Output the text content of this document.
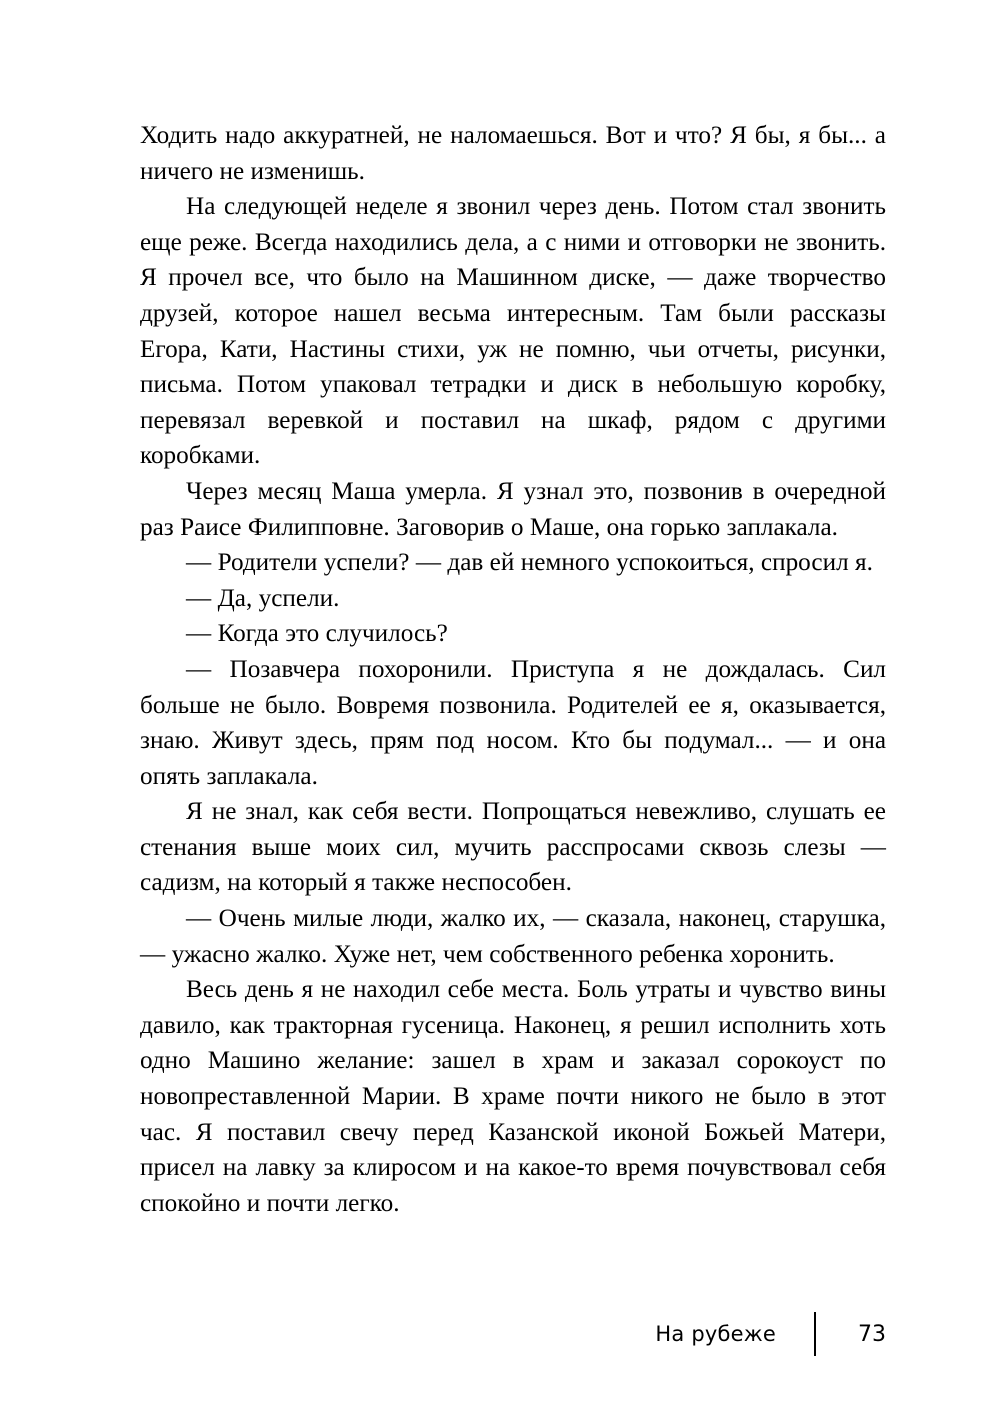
Ходить надо аккуратней, не наломаешься. Вот и что? Я бы, я бы... а ничего не изменишь.

На следующей неделе я звонил через день. Потом стал звонить еще реже. Всегда находились дела, а с ними и отговорки не звонить. Я прочел все, что было на Машинном диске, — даже творчество друзей, которое нашел весьма интересным. Там были рассказы Егора, Кати, Настины стихи, уж не помню, чьи отчеты, рисунки, письма. Потом упаковал тетрадки и диск в небольшую коробку, перевязал веревкой и поставил на шкаф, рядом с другими коробками.

Через месяц Маша умерла. Я узнал это, позвонив в очередной раз Раисе Филипповне. Заговорив о Маше, она горько заплакала.

— Родители успели? — дав ей немного успокоиться, спросил я.

— Да, успели.

— Когда это случилось?

— Позавчера похоронили. Приступа я не дождалась. Сил больше не было. Вовремя позвонила. Родителей ее я, оказывается, знаю. Живут здесь, прям под носом. Кто бы подумал... — и она опять заплакала.

Я не знал, как себя вести. Попрощаться невежливо, слушать ее стенания выше моих сил, мучить расспросами сквозь слезы — садизм, на который я также неспособен.

— Очень милые люди, жалко их, — сказала, наконец, старушка, — ужасно жалко. Хуже нет, чем собственного ребенка хоронить.

Весь день я не находил себе места. Боль утраты и чувство вины давило, как тракторная гусеница. Наконец, я решил исполнить хоть одно Машино желание: зашел в храм и заказал сорокоуст по новопреставленной Марии. В храме почти никого не было в этот час. Я поставил свечу перед Казанской иконой Божьей Матери, присел на лавку за клиросом и на какое-то время почувствовал себя спокойно и почти легко.

На рубеже	73
